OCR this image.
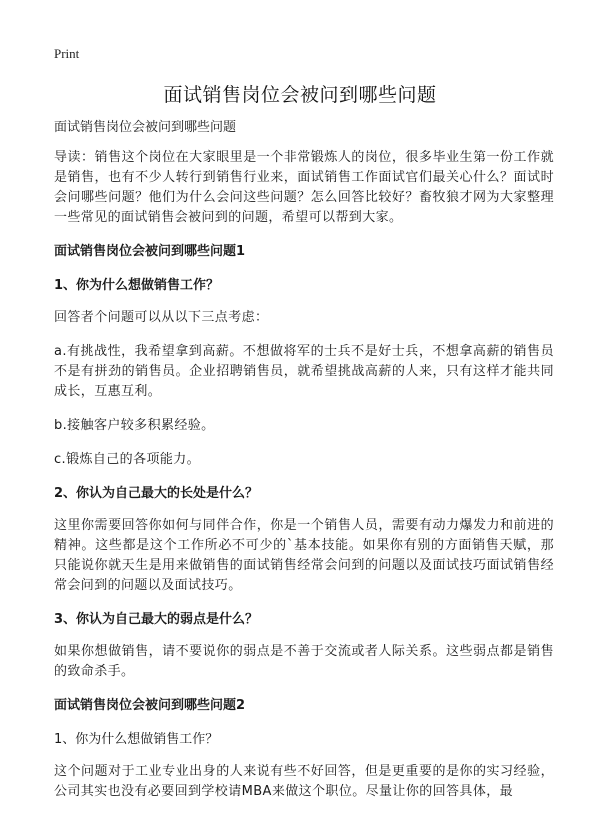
Print
面试销售岗位会被问到哪些问题
面试销售岗位会被问到哪些问题

导读：销售这个岗位在大家眼里是一个非常锻炼人的岗位，很多毕业生第一份工作就是销售，也有不少人转行到销售行业来，面试销售工作面试官们最关心什么？面试时会问哪些问题？他们为什么会问这些问题？怎么回答比较好？畜牧狼才网为大家整理一些常见的面试销售会被问到的问题，希望可以帮到大家。

面试销售岗位会被问到哪些问题1
1、你为什么想做销售工作？

回答者个问题可以从以下三点考虑：

a.有挑战性，我希望拿到高薪。不想做将军的士兵不是好士兵，不想拿高薪的销售员不是有拼劲的销售员。企业招聘销售员，就希望挑战高薪的人来，只有这样才能共同成长，互惠互利。

b.接触客户较多积累经验。

c.锻炼自己的各项能力。

2、你认为自己最大的长处是什么？

这里你需要回答你如何与同伴合作，你是一个销售人员，需要有动力爆发力和前进的精神。这些都是这个工作所必不可少的`基本技能。如果你有别的方面销售天赋，那只能说你就天生是用来做销售的面试销售经常会问到的问题以及面试技巧面试销售经常会问到的问题以及面试技巧。

3、你认为自己最大的弱点是什么？

如果你想做销售，请不要说你的弱点是不善于交流或者人际关系。这些弱点都是销售的致命杀手。

面试销售岗位会被问到哪些问题2
1、你为什么想做销售工作？

这个问题对于工业专业出身的人来说有些不好回答，但是更重要的是你的实习经验，公司其实也没有必要回到学校请MBA来做这个职位。尽量让你的回答具体，最
